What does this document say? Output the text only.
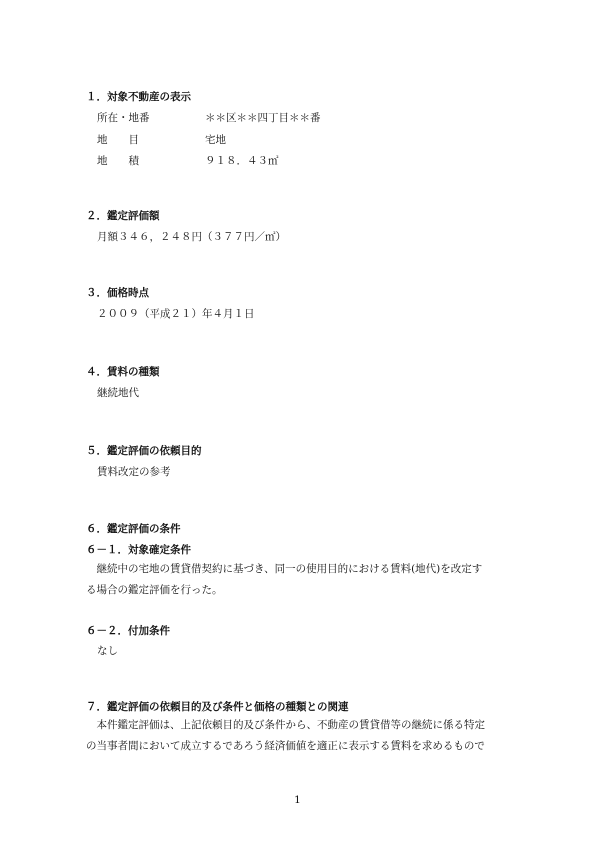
１．対象不動産の表示
所在・地番	＊＊区＊＊四丁目＊＊番
地　　目	宅地
地　　積	９１８．４３㎡
２．鑑定評価額
月額３４６，２４８円（３７７円／㎡）
３．価格時点
２００９（平成２１）年４月１日
４．賃料の種類
継続地代
５．鑑定評価の依頼目的
賃料改定の参考
６．鑑定評価の条件
６－１．対象確定条件
継続中の宅地の賃貸借契約に基づき、同一の使用目的における賃料(地代)を改定す
る場合の鑑定評価を行った。
６－２．付加条件
なし
７．鑑定評価の依頼目的及び条件と価格の種類との関連
本件鑑定評価は、上記依頼目的及び条件から、不動産の賃貸借等の継続に係る特定
の当事者間において成立するであろう経済価値を適正に表示する賃料を求めるもので
1
